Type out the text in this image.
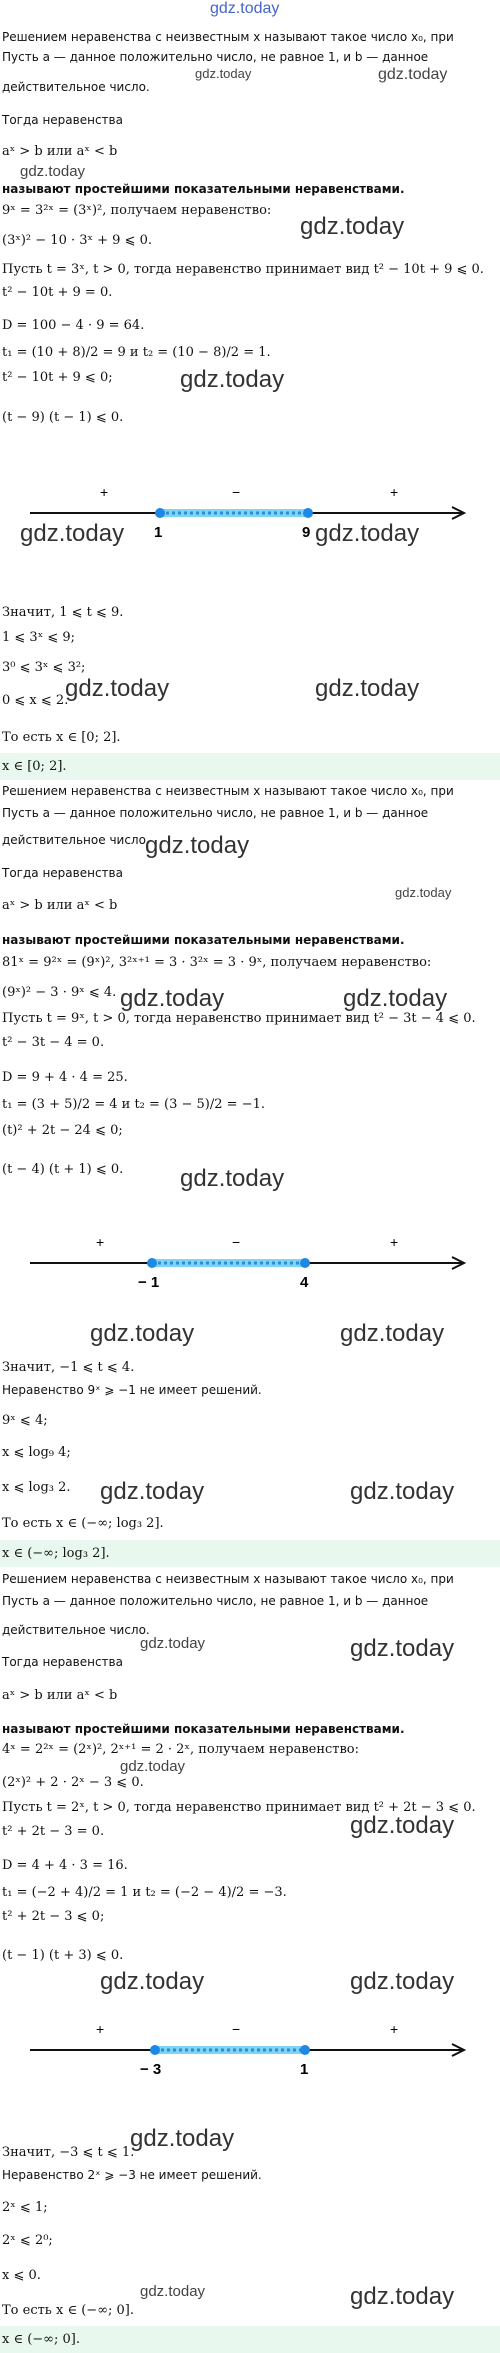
gdz.today
Решением неравенства с неизвестным x называют такое число x₀, при
Пусть a — данное положительно число, не равное 1, и b — данное
действительное число.
Тогда неравенства
aˣ > b или aˣ < b
называют простейшими показательными неравенствами.
9ˣ = 3²ˣ = (3ˣ)², получаем неравенство:
(3ˣ)² − 10 · 3ˣ + 9 ⩽ 0.
Пусть t = 3ˣ, t > 0, тогда неравенство принимает вид t² − 10t + 9 ⩽ 0.
t² − 10t + 9 = 0.
D = 100 − 4 · 9 = 64.
t₁ = (10 + 8)/2 = 9 и t₂ = (10 − 8)/2 = 1.
t² − 10t + 9 ⩽ 0;
(t − 9) (t − 1) ⩽ 0.
+	−	+
1	9
Значит, 1 ⩽ t ⩽ 9.
1 ⩽ 3ˣ ⩽ 9;
3⁰ ⩽ 3ˣ ⩽ 3²;
0 ⩽ x ⩽ 2.
То есть x ∈ [0; 2].
x ∈ [0; 2].
Решением неравенства с неизвестным x называют такое число x₀, при
Пусть a — данное положительно число, не равное 1, и b — данное
действительное число.
Тогда неравенства
aˣ > b или aˣ < b
называют простейшими показательными неравенствами.
81ˣ = 9²ˣ = (9ˣ)², 3²ˣ⁺¹ = 3 · 3²ˣ = 3 · 9ˣ, получаем неравенство:
(9ˣ)² − 3 · 9ˣ ⩽ 4.
Пусть t = 9ˣ, t > 0, тогда неравенство принимает вид t² − 3t − 4 ⩽ 0.
t² − 3t − 4 = 0.
D = 9 + 4 · 4 = 25.
t₁ = (3 + 5)/2 = 4 и t₂ = (3 − 5)/2 = −1.
(t)² + 2t − 24 ⩽ 0;
(t − 4) (t + 1) ⩽ 0.
+	−	+
− 1	4
Значит, −1 ⩽ t ⩽ 4.
Неравенство 9ˣ ⩾ −1 не имеет решений.
9ˣ ⩽ 4;
x ⩽ log₉ 4;
x ⩽ log₃ 2.
То есть x ∈ (−∞; log₃ 2].
x ∈ (−∞; log₃ 2].
Решением неравенства с неизвестным x называют такое число x₀, при
Пусть a — данное положительно число, не равное 1, и b — данное
действительное число.
Тогда неравенства
aˣ > b или aˣ < b
называют простейшими показательными неравенствами.
4ˣ = 2²ˣ = (2ˣ)², 2ˣ⁺¹ = 2 · 2ˣ, получаем неравенство:
(2ˣ)² + 2 · 2ˣ − 3 ⩽ 0.
Пусть t = 2ˣ, t > 0, тогда неравенство принимает вид t² + 2t − 3 ⩽ 0.
t² + 2t − 3 = 0.
D = 4 + 4 · 3 = 16.
t₁ = (−2 + 4)/2 = 1 и t₂ = (−2 − 4)/2 = −3.
t² + 2t − 3 ⩽ 0;
(t − 1) (t + 3) ⩽ 0.
+	−	+
− 3	1
Значит, −3 ⩽ t ⩽ 1.
Неравенство 2ˣ ⩾ −3 не имеет решений.
2ˣ ⩽ 1;
2ˣ ⩽ 2⁰;
x ⩽ 0.
То есть x ∈ (−∞; 0].
x ∈ (−∞; 0].
gdz.today	gdz.today
gdz.today
gdz.today
gdz.today
gdz.today	gdz.today
gdz.today	gdz.today
gdz.today
gdz.today
gdz.today	gdz.today
gdz.today
gdz.today	gdz.today
gdz.today	gdz.today
gdz.today	gdz.today
gdz.today
gdz.today
gdz.today	gdz.today
gdz.today
gdz.today	gdz.today
